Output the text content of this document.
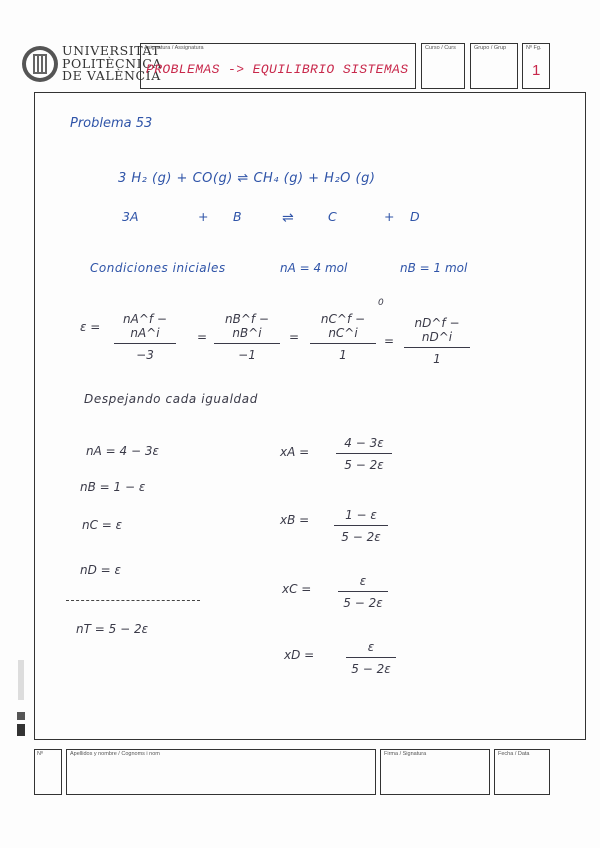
UNIVERSITAT
POLITÈCNICA
DE VALÈNCIA
Asignatura / Assignatura
PROBLEMAS -> EQUILIBRIO SISTEMAS
Curso / Curs	Grupo / Grup	Nº Fg.
1
Problema 53
3 H₂ (g) + CO(g) ⇌ CH₄ (g) + H₂O (g)
3A	+ B	⇌	C	+ D
Condiciones iniciales	nA = 4 mol	nB = 1 mol
$\varepsilon = \frac{nA\^{}f - nA\^{}i}{-3} = \frac{nB\^{}f - nB\^{}i}{-1} = \frac{nC\^{}f - nC\^{}i}{1}$
0
= $\frac{nD\^{}f - nD\^{}i}{1}$
Despejando cada igualdad
nA = 4 − 3ε
nB = 1 − ε
nC = ε
nD = ε
nT = 5 − 2ε
xA = $\frac{4 - 3\varepsilon}{5 - 2\varepsilon}$
xB = $\frac{1 - \varepsilon}{5 - 2\varepsilon}$
xC = $\frac{\varepsilon}{5 - 2\varepsilon}$
xD =	$\frac{\varepsilon}{5 - 2\varepsilon}$
Nº	Apellidos y nombre / Cognoms i nom	Firma / Signatura	Fecha / Data
